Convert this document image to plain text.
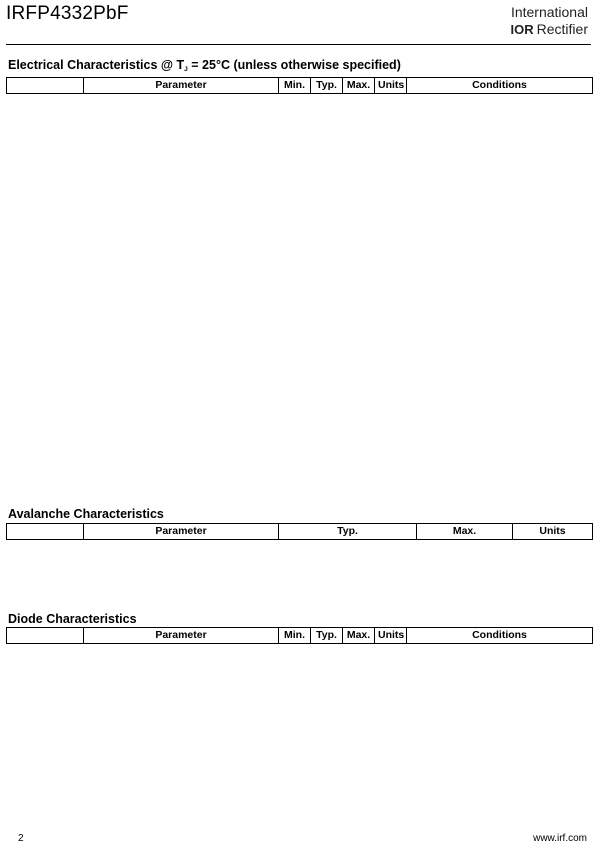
IRFP4332PbF	International
IOR Rectifier
Electrical Characteristics @ $T_J = 25^\circ C$ (unless otherwise specified)
	Parameter	Min.	Typ.	Max.	Units	Conditions
Avalanche Characteristics
	Parameter	Typ.	Max.	Units
Diode Characteristics
	Parameter	Min.	Typ.	Max.	Units	Conditions
2	www.irf.com
